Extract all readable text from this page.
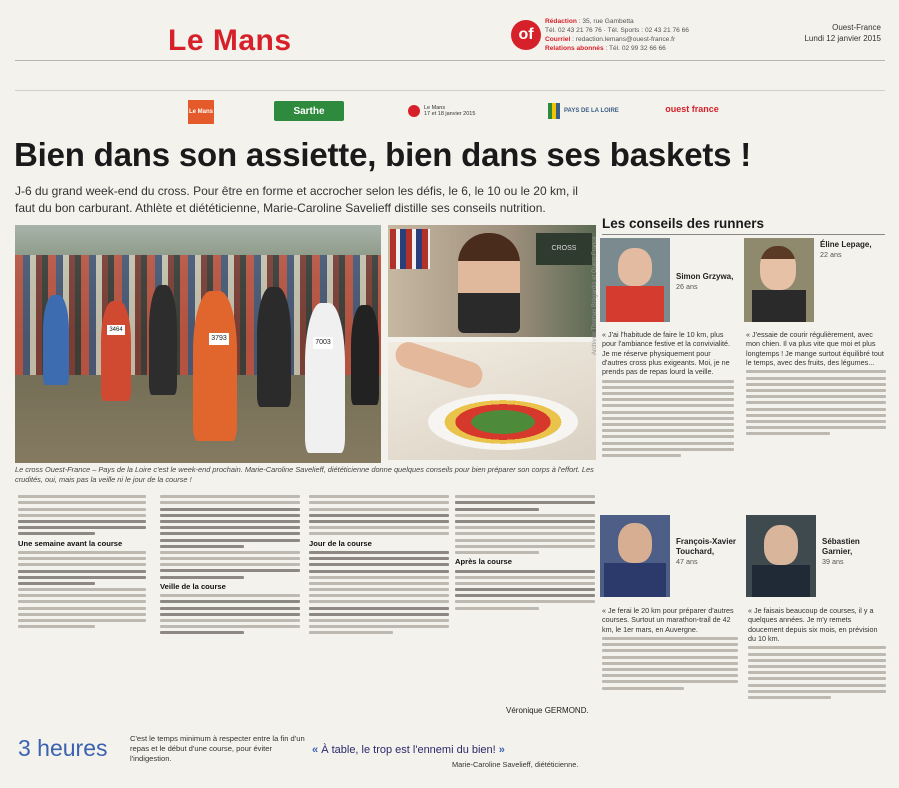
Le Mans	of
Rédaction : 35, rue Gambetta
Tél. 02 43 21 76 76 · Tél. Sports : 02 43 21 76 66
Courriel : redaction.lemans@ouest-france.fr
Relations abonnés : Tél. 02 99 32 66 66
Ouest-France
Lundi 12 janvier 2015
Le Mans	Sarthe	Le Mans
17 et 18 janvier 2015	PAYS DE LA LOIRE	ouest france
Bien dans son assiette, bien dans ses baskets !

J-6 du grand week-end du cross. Pour être en forme et accrocher selon les défis, le 6, le 10 ou le 20 km, il faut du bon carburant. Athlète et diététicienne, Marie-Caroline Savelieff distille ses conseils nutrition.

3793
7003
3464
CROSS	Archives Thomas Brégardis et Ouest-France

Le cross Ouest-France – Pays de la Loire c'est le week-end prochain. Marie-Caroline Savelieff, diététicienne donne quelques conseils pour bien préparer son corps à l'effort. Les crudités, oui, mais pas la veille ni le jour de la course !

Une semaine avant la course
Veille de la course
Jour de la course
Après la course
Véronique GERMOND.
3 heures	C'est le temps minimum à respecter entre la fin d'un repas et le début d'une course, pour éviter l'indigestion.
« À table, le trop est l'ennemi du bien! »
Marie-Caroline Savelieff, diététicienne.
Les conseils des runners
Simon Grzywa,
26 ans
« J'ai l'habitude de faire le 10 km, plus pour l'ambiance festive et la convivialité. Je me réserve physiquement pour d'autres cross plus exigeants. Moi, je ne prends pas de repas lourd la veille.
Éline Lepage,
22 ans
« J'essaie de courir régulièrement, avec mon chien. Il va plus vite que moi et plus longtemps ! Je mange surtout équilibré tout le temps, avec des fruits, des légumes...
François-Xavier Touchard,
47 ans
« Je ferai le 20 km pour préparer d'autres courses. Surtout un marathon-trail de 42 km, le 1er mars, en Auvergne.
Sébastien Garnier,
39 ans
« Je faisais beaucoup de courses, il y a quelques années. Je m'y remets doucement depuis six mois, en prévision du 10 km.
